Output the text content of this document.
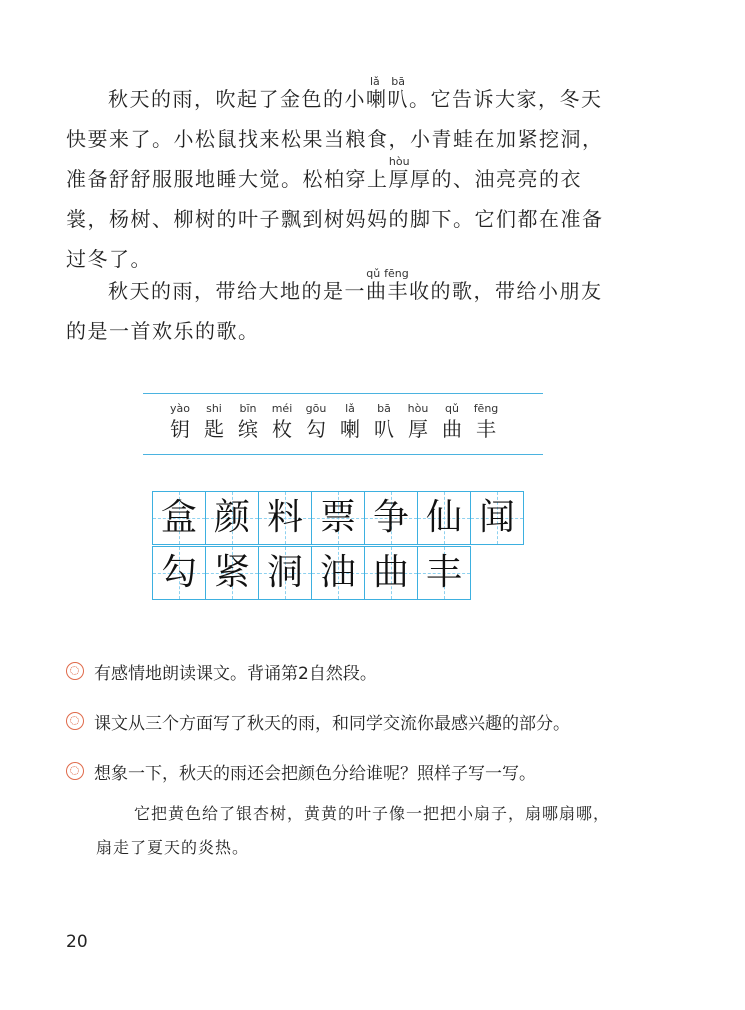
秋天的雨，吹起了金色的小喇叭lǎ bā。它告诉大家，冬天快要来了。小松鼠找来松果当粮食，小青蛙在加紧挖洞，准备舒舒服服地睡大觉。松柏穿上厚hòu厚的、油亮亮的衣裳，杨树、柳树的叶子飘到树妈妈的脚下。它们都在准备过冬了。

秋天的雨，带给大地的是一曲丰qǔ fēng收的歌，带给小朋友的是一首欢乐的歌。

yào
钥
shi
匙
bīn
缤
méi
枚
gōu
勾
lǎ
喇
bā
叭
hòu
厚
qǔ
曲
fēng
丰
盒 颜 料 票 争 仙 闻
勾 紧 洞 油 曲 丰
有感情地朗读课文。背诵第2自然段。
课文从三个方面写了秋天的雨，和同学交流你最感兴趣的部分。
想象一下，秋天的雨还会把颜色分给谁呢？照样子写一写。

它把黄色给了银杏树，黄黄的叶子像一把把小扇子，扇哪扇哪，扇走了夏天的炎热。

20
